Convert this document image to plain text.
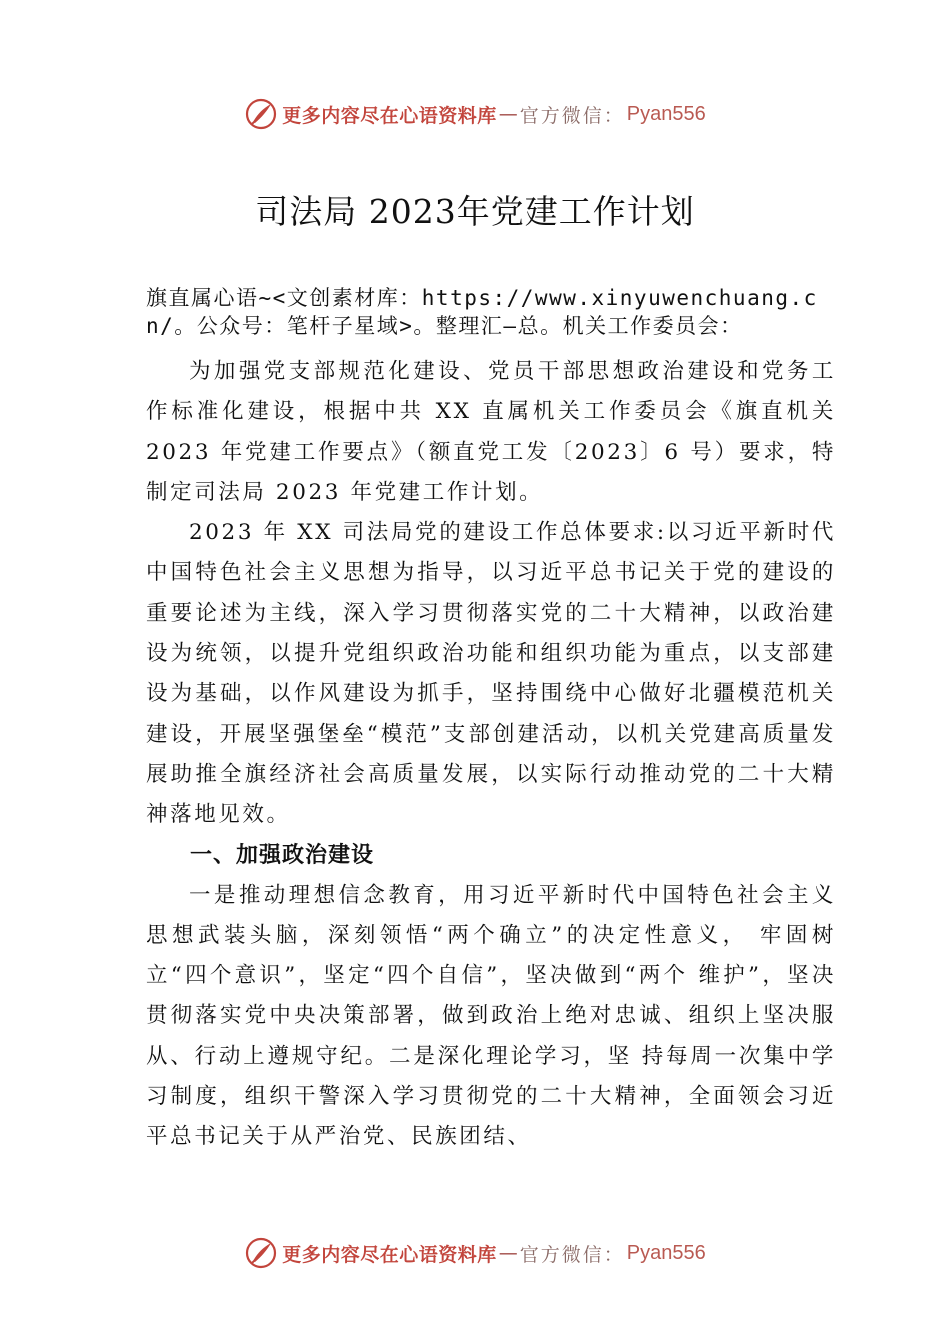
更多内容尽在心语资料库 — 官方微信： Pyan556
司法局 2023年党建工作计划

旗直属心语~<文创素材库：https://www.xinyuwenchuang.cn/。公众号：笔杆子星域>。整理汇—总。机关工作委员会：

为加强党支部规范化建设、党员干部思想政治建设和党务工作标准化建设，根据中共 XX 直属机关工作委员会《旗直机关 2023 年党建工作要点》（额直党工发〔2023〕6 号）要求，特制定司法局 2023 年党建工作计划。

2023 年 XX 司法局党的建设工作总体要求:以习近平新时代中国特色社会主义思想为指导，以习近平总书记关于党的建设的重要论述为主线，深入学习贯彻落实党的二十大精神，以政治建设为统领，以提升党组织政治功能和组织功能为重点，以支部建设为基础，以作风建设为抓手，坚持围绕中心做好北疆模范机关建设，开展坚强堡垒“模范”支部创建活动，以机关党建高质量发展助推全旗经济社会高质量发展，以实际行动推动党的二十大精神落地见效。

一、加强政治建设

一是推动理想信念教育，用习近平新时代中国特色社会主义思想武装头脑，深刻领悟“两个确立”的决定性意义， 牢固树立“四个意识”，坚定“四个自信”，坚决做到“两个 维护”，坚决贯彻落实党中央决策部署，做到政治上绝对忠诚、组织上坚决服从、行动上遵规守纪。二是深化理论学习，坚 持每周一次集中学习制度，组织干警深入学习贯彻党的二十大精神，全面领会习近平总书记关于从严治党、民族团结、

更多内容尽在心语资料库 — 官方微信： Pyan556
